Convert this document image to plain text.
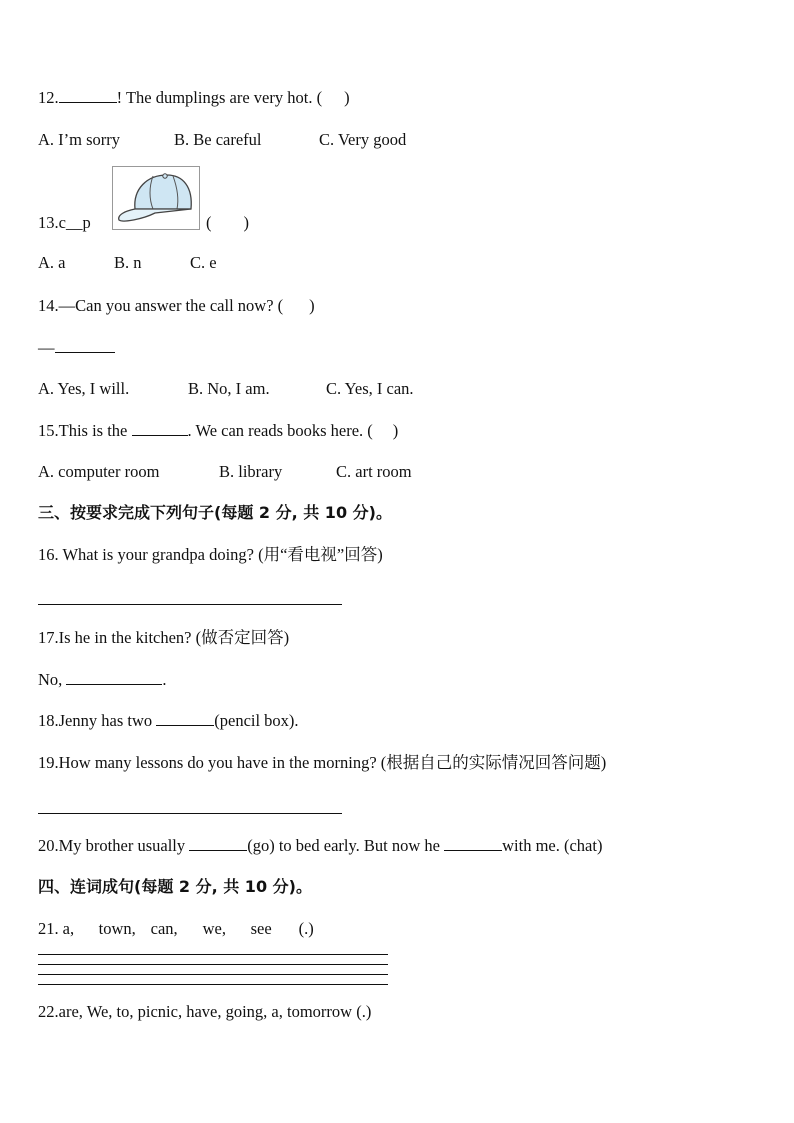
12.	! The dumplings are very hot. ( )
A. I’m sorry	B. Be careful	C. Very good
13.c__p	( )
A. a	B. n	C. e
14.—Can you answer the call now? ( )
—
A. Yes, I will.	B. No, I am.	C. Yes, I can.
15.This is the	. We can reads books here. ( )
A. computer room	B. library	C. art room
三、按要求完成下列句子(每题 2 分, 共 10 分)。
16. What is your grandpa doing? (用“看电视”回答)
17.Is he in the kitchen? (做否定回答)
No,	.
18.Jenny has two	(pencil box).
19.How many lessons do you have in the morning? (根据自己的实际情况回答问题)
20.My brother usually	(go) to bed early. But now he	with me. (chat)
四、连词成句(每题 2 分, 共 10 分)。
21. a, town, can, we, see (.)
22.are, We, to, picnic, have, going, a, tomorrow (.)
